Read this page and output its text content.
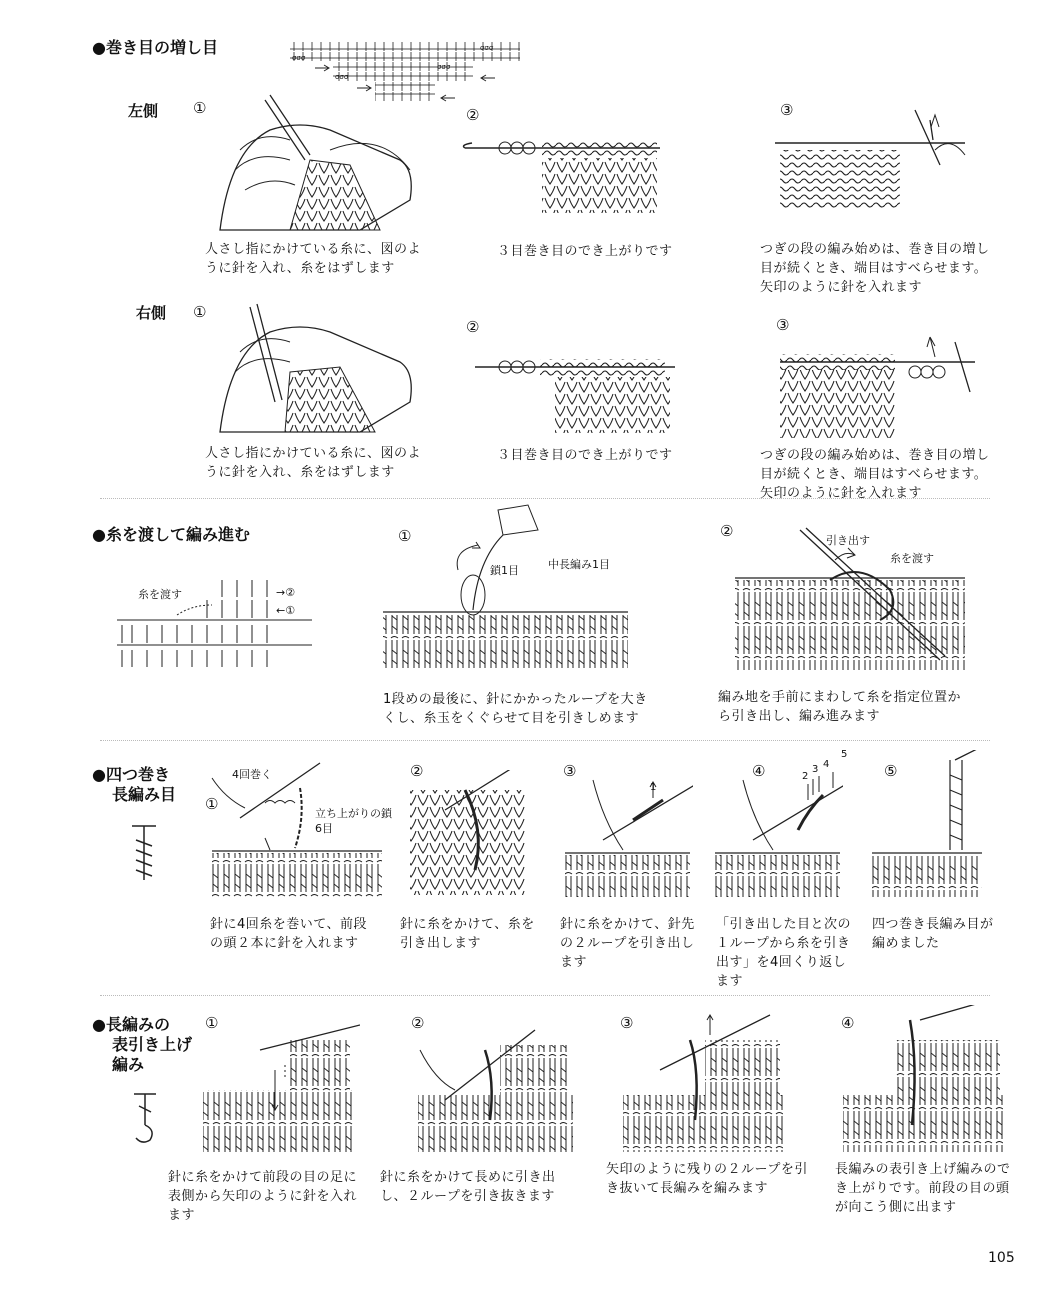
●巻き目の増し目
σσσ
σσσ
σσσ
σσσ
左側 ①
人さし指にかけている糸に、図のように針を入れ、糸をはずします
②
３目巻き目のでき上がりです
③
つぎの段の編み始めは、巻き目の増し目が続くとき、端目はすべらせます。矢印のように針を入れます
右側 ①
人さし指にかけている糸に、図のように針を入れ、糸をはずします
②
３目巻き目のでき上がりです
③
つぎの段の編み始めは、巻き目の増し目が続くとき、端目はすべらせます。矢印のように針を入れます
●糸を渡して編み進む
糸を渡す	→②
←①
①
鎖1目	中長編み1目
1段めの最後に、針にかかったループを大きくし、糸玉をくぐらせて目を引きしめます
②
引き出す
糸を渡す
編み地を手前にまわして糸を指定位置から引き出し、編み進みます
●四つ巻き
長編み目 ①
4回巻く
立ち上がりの鎖6目
針に4回糸を巻いて、前段の頭２本に針を入れます
②
針に糸をかけて、糸を引き出します
③
1
針に糸をかけて、針先の２ループを引き出します
④	2
3 4
5
「引き出した目と次の１ループから糸を引き出す」を4回くり返します
⑤
四つ巻き長編み目が編めました
●長編みの
表引き上げ
編み
①
針に糸をかけて前段の目の足に表側から矢印のように針を入れます
②
針に糸をかけて長めに引き出し、２ループを引き抜きます
③
矢印のように残りの２ループを引き抜いて長編みを編みます
④
長編みの表引き上げ編みのでき上がりです。前段の目の頭が向こう側に出ます
105
